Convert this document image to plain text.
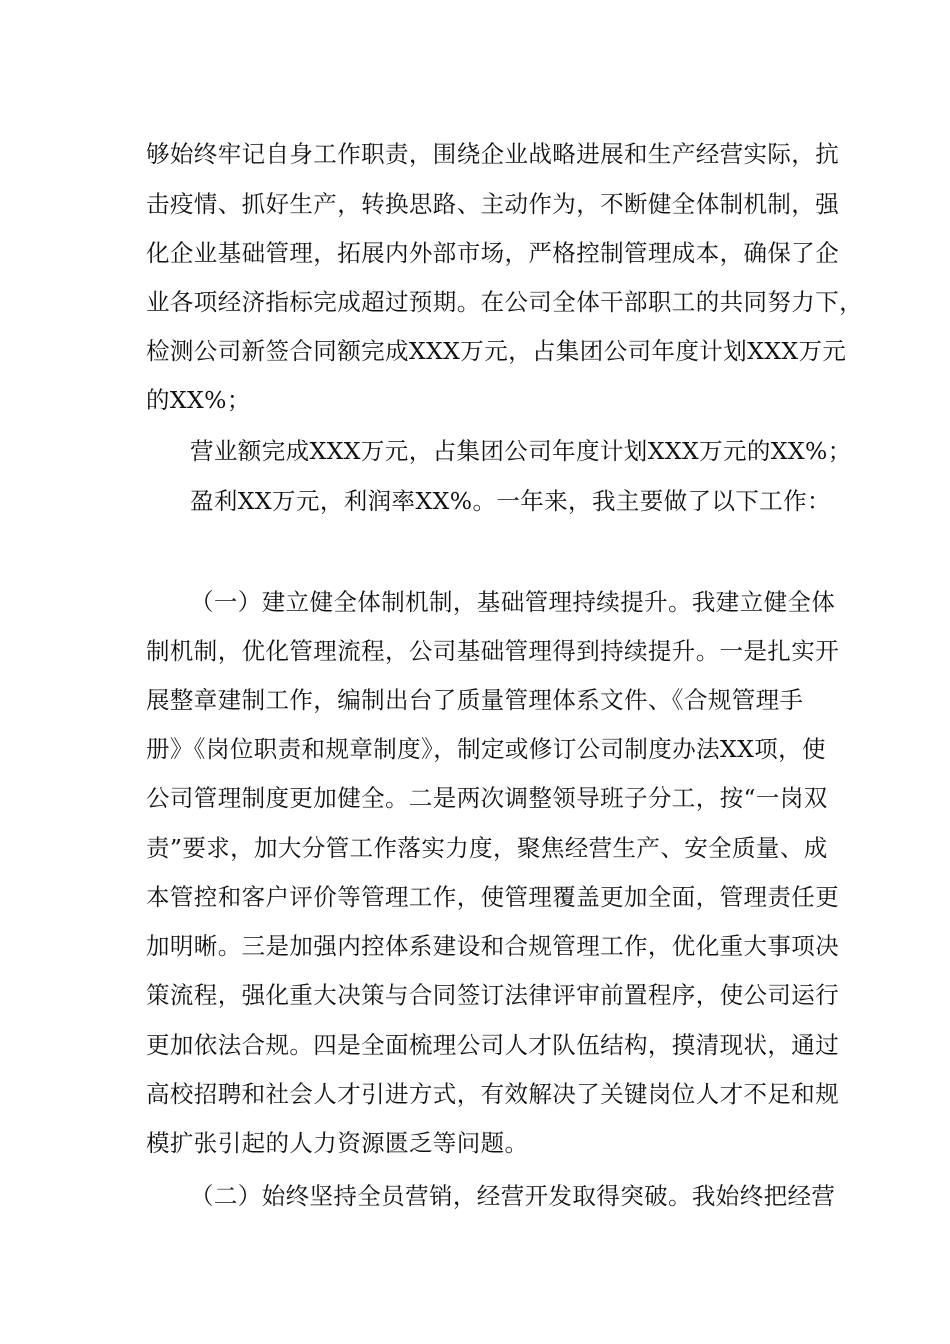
够始终牢记自身工作职责，围绕企业战略进展和生产经营实际，抗
击疫情、抓好生产，转换思路、主动作为，不断健全体制机制，强
化企业基础管理，拓展内外部市场，严格控制管理成本，确保了企
业各项经济指标完成超过预期。在公司全体干部职工的共同努力下，
检测公司新签合同额完成XXX万元，占集团公司年度计划XXX万元
的XX%；
营业额完成XXX万元，占集团公司年度计划XXX万元的XX%；
盈利XX万元，利润率XX%。一年来，我主要做了以下工作：
（一）建立健全体制机制，基础管理持续提升。我建立健全体
制机制，优化管理流程，公司基础管理得到持续提升。一是扎实开
展整章建制工作，编制出台了质量管理体系文件、《合规管理手
册》《岗位职责和规章制度》，制定或修订公司制度办法XX项，使
公司管理制度更加健全。二是两次调整领导班子分工，按“一岗双
责”要求，加大分管工作落实力度，聚焦经营生产、安全质量、成
本管控和客户评价等管理工作，使管理覆盖更加全面，管理责任更
加明晰。三是加强内控体系建设和合规管理工作，优化重大事项决
策流程，强化重大决策与合同签订法律评审前置程序，使公司运行
更加依法合规。四是全面梳理公司人才队伍结构，摸清现状，通过
高校招聘和社会人才引进方式，有效解决了关键岗位人才不足和规
模扩张引起的人力资源匮乏等问题。
（二）始终坚持全员营销，经营开发取得突破。我始终把经营
